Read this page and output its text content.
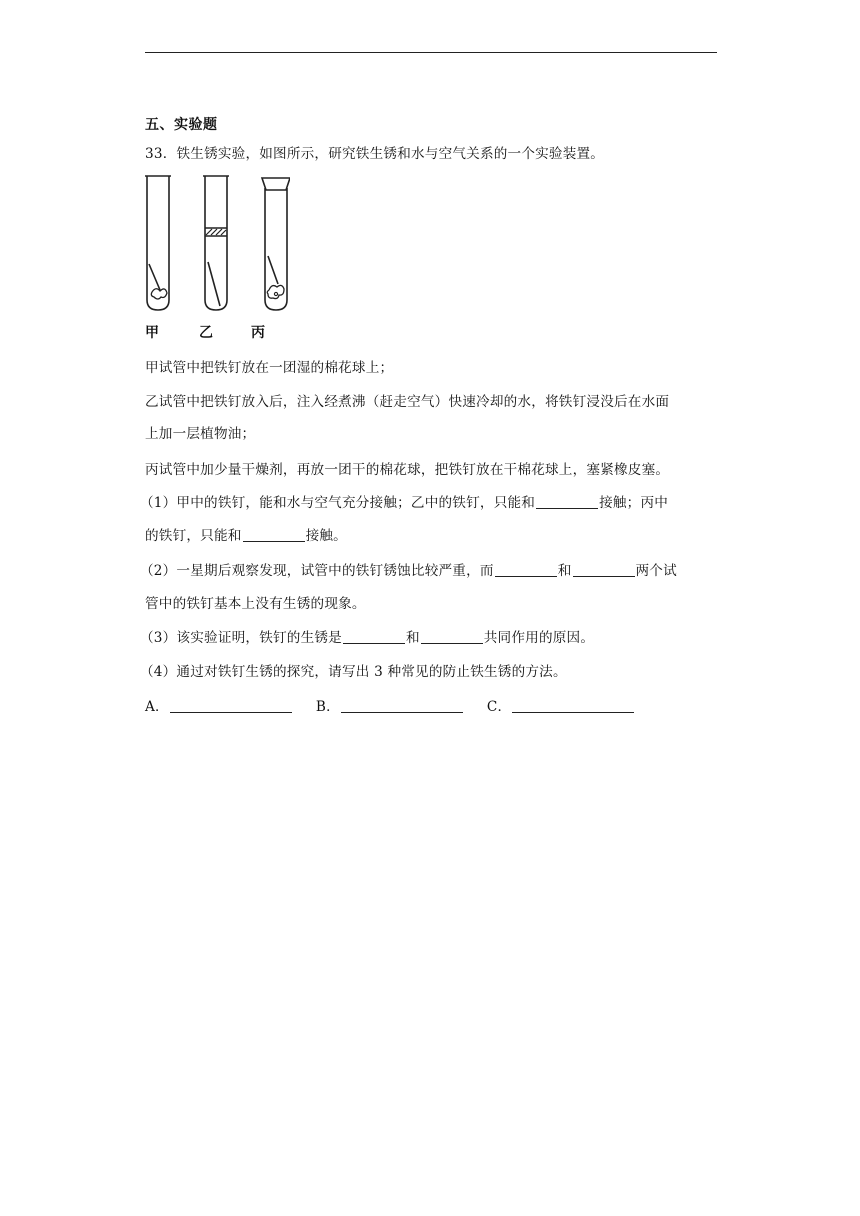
五、实验题
33．铁生锈实验，如图所示，研究铁生锈和水与空气关系的一个实验装置。
甲	乙	丙
甲试管中把铁钉放在一团湿的棉花球上；
乙试管中把铁钉放入后，注入经煮沸（赶走空气）快速冷却的水，将铁钉浸没后在水面
上加一层植物油；
丙试管中加少量干燥剂，再放一团干的棉花球，把铁钉放在干棉花球上，塞紧橡皮塞。
（1）甲中的铁钉，能和水与空气充分接触；乙中的铁钉，只能和	接触；丙中
的铁钉，只能和	接触。
（2）一星期后观察发现，试管中的铁钉锈蚀比较严重，而	和	两个试
管中的铁钉基本上没有生锈的现象。
（3）该实验证明，铁钉的生锈是	和	共同作用的原因。
（4）通过对铁钉生锈的探究，请写出 3 种常见的防止铁生锈的方法。
A．	B．	C．
